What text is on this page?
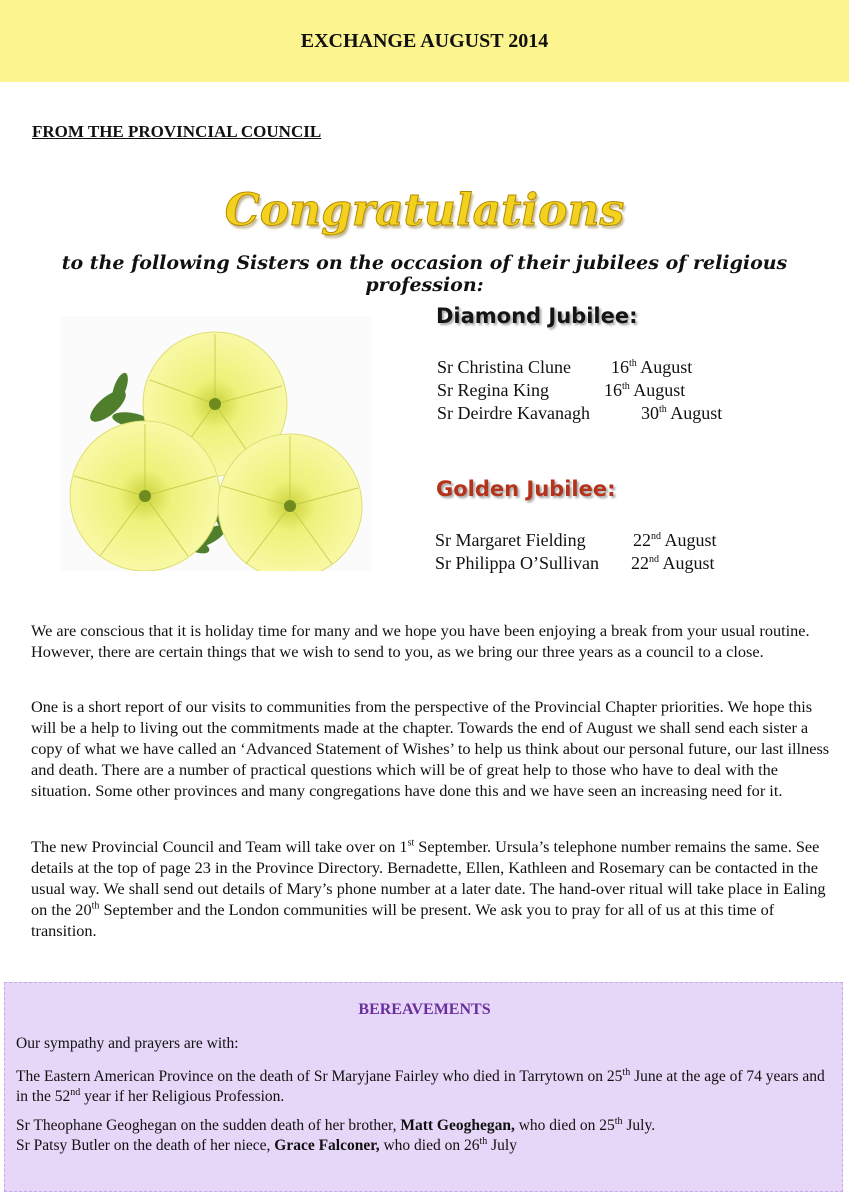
EXCHANGE AUGUST 2014
FROM THE PROVINCIAL COUNCIL
Congratulations
to the following Sisters on the occasion of their jubilees of religious profession:
Diamond Jubilee:
Sr Christina Clune	16th August
Sr Regina King	16th August
Sr Deirdre Kavanagh	30th August
Golden Jubilee:
Sr Margaret Fielding	22nd August
Sr Philippa O’Sullivan	22nd August

We are conscious that it is holiday time for many and we hope you have been enjoying a break from your usual routine. However, there are certain things that we wish to send to you, as we bring our three years as a council to a close.

One is a short report of our visits to communities from the perspective of the Provincial Chapter priorities. We hope this will be a help to living out the commitments made at the chapter. Towards the end of August we shall send each sister a copy of what we have called an ‘Advanced Statement of Wishes’ to help us think about our personal future, our last illness and death. There are a number of practical questions which will be of great help to those who have to deal with the situation. Some other provinces and many congregations have done this and we have seen an increasing need for it.

The new Provincial Council and Team will take over on 1st September. Ursula’s telephone number remains the same. See details at the top of page 23 in the Province Directory. Bernadette, Ellen, Kathleen and Rosemary can be contacted in the usual way. We shall send out details of Mary’s phone number at a later date. The hand-over ritual will take place in Ealing on the 20th September and the London communities will be present. We ask you to pray for all of us at this time of transition.

BEREAVEMENTS

Our sympathy and prayers are with:

The Eastern American Province on the death of Sr Maryjane Fairley who died in Tarrytown on 25th June at the age of 74 years and in the 52nd year if her Religious Profession.

Sr Theophane Geoghegan on the sudden death of her brother, Matt Geoghegan, who died on 25th July.

Sr Patsy Butler on the death of her niece, Grace Falconer, who died on 26th July
